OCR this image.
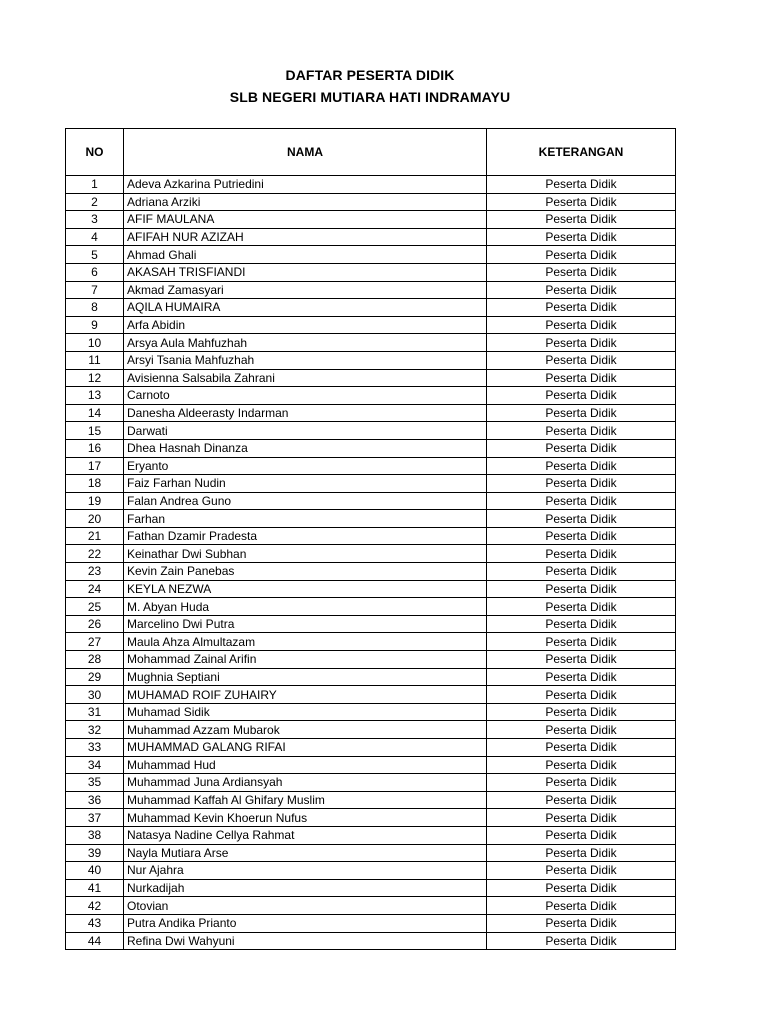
DAFTAR PESERTA DIDIK
SLB NEGERI MUTIARA HATI INDRAMAYU
NO	NAMA	KETERANGAN
1	Adeva Azkarina Putriedini	Peserta Didik
2	Adriana Arziki	Peserta Didik
3	AFIF MAULANA	Peserta Didik
4	AFIFAH NUR AZIZAH	Peserta Didik
5	Ahmad Ghali	Peserta Didik
6	AKASAH TRISFIANDI	Peserta Didik
7	Akmad Zamasyari	Peserta Didik
8	AQILA HUMAIRA	Peserta Didik
9	Arfa Abidin	Peserta Didik
10	Arsya Aula Mahfuzhah	Peserta Didik
11	Arsyi Tsania Mahfuzhah	Peserta Didik
12	Avisienna Salsabila Zahrani	Peserta Didik
13	Carnoto	Peserta Didik
14	Danesha Aldeerasty Indarman	Peserta Didik
15	Darwati	Peserta Didik
16	Dhea Hasnah Dinanza	Peserta Didik
17	Eryanto	Peserta Didik
18	Faiz Farhan Nudin	Peserta Didik
19	Falan Andrea Guno	Peserta Didik
20	Farhan	Peserta Didik
21	Fathan Dzamir Pradesta	Peserta Didik
22	Keinathar Dwi Subhan	Peserta Didik
23	Kevin Zain Panebas	Peserta Didik
24	KEYLA NEZWA	Peserta Didik
25	M. Abyan Huda	Peserta Didik
26	Marcelino Dwi Putra	Peserta Didik
27	Maula Ahza Almultazam	Peserta Didik
28	Mohammad Zainal Arifin	Peserta Didik
29	Mughnia Septiani	Peserta Didik
30	MUHAMAD ROIF ZUHAIRY	Peserta Didik
31	Muhamad Sidik	Peserta Didik
32	Muhammad Azzam Mubarok	Peserta Didik
33	MUHAMMAD GALANG RIFAI	Peserta Didik
34	Muhammad Hud	Peserta Didik
35	Muhammad Juna Ardiansyah	Peserta Didik
36	Muhammad Kaffah Al Ghifary Muslim	Peserta Didik
37	Muhammad Kevin Khoerun Nufus	Peserta Didik
38	Natasya Nadine Cellya Rahmat	Peserta Didik
39	Nayla Mutiara Arse	Peserta Didik
40	Nur Ajahra	Peserta Didik
41	Nurkadijah	Peserta Didik
42	Otovian	Peserta Didik
43	Putra Andika Prianto	Peserta Didik
44	Refina Dwi Wahyuni	Peserta Didik
